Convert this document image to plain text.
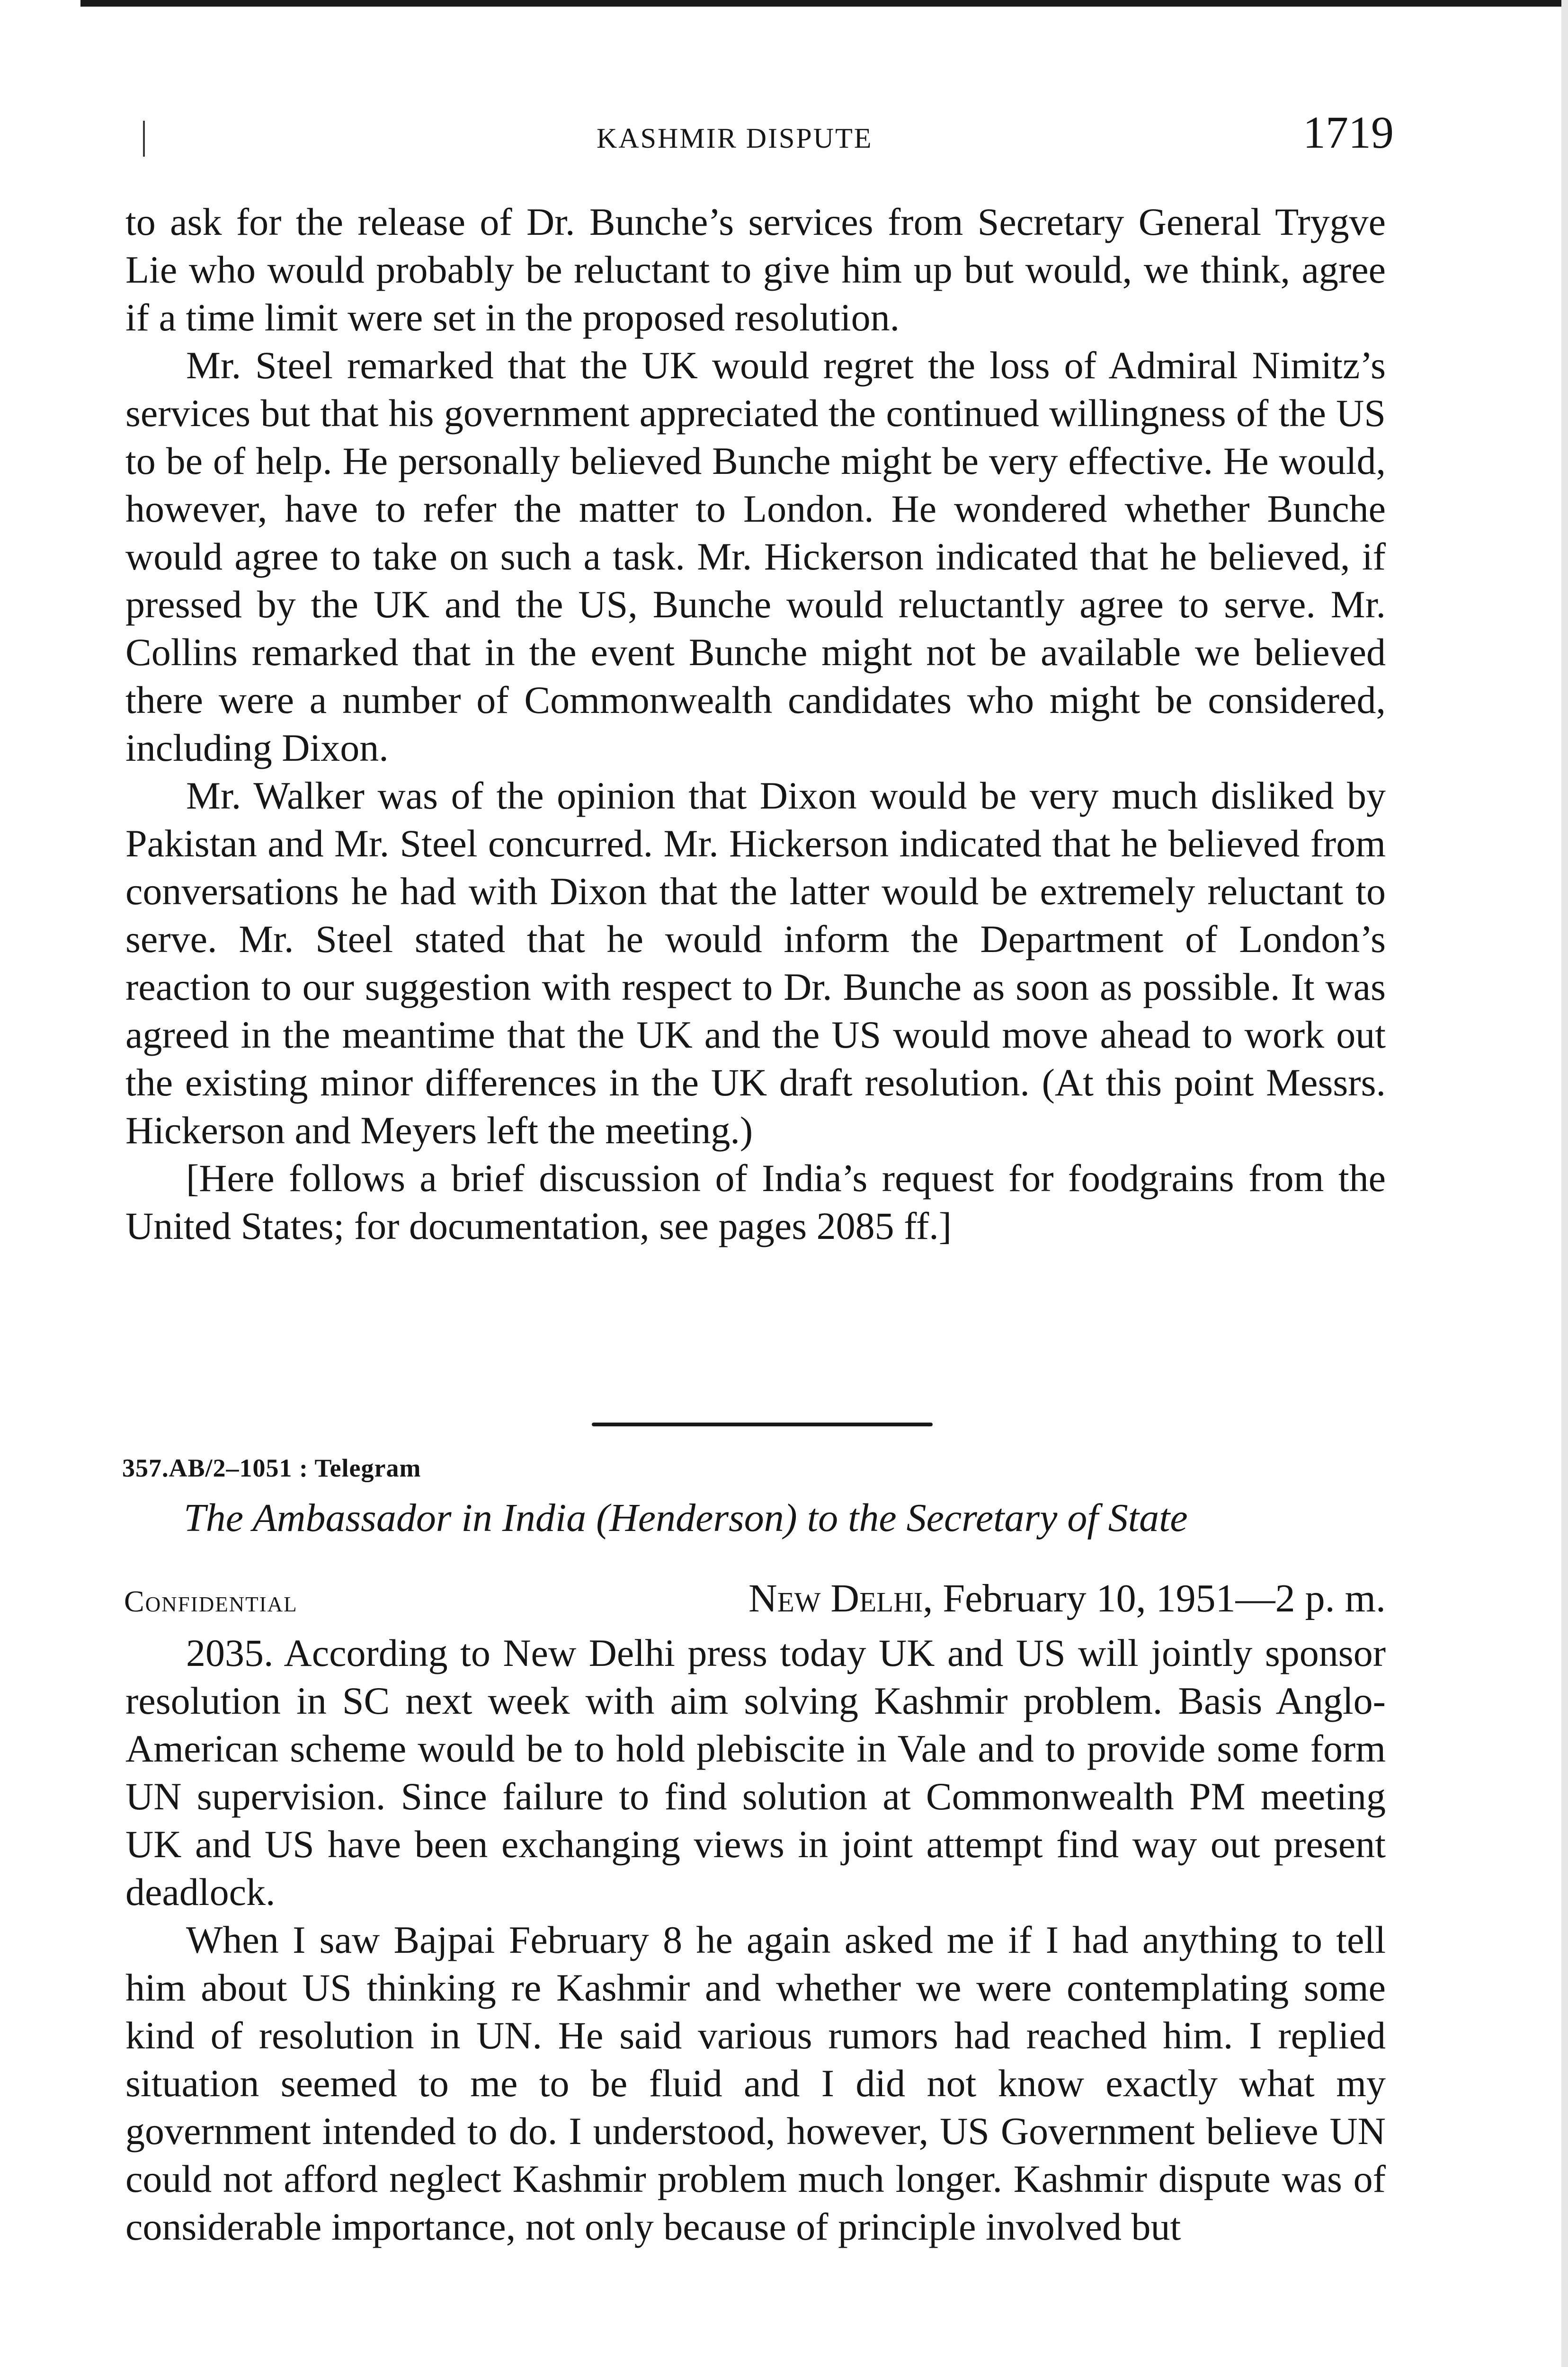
KASHMIR DISPUTE	1719

to ask for the release of Dr. Bunche’s services from Secretary General Trygve Lie who would probably be reluctant to give him up but would, we think, agree if a time limit were set in the proposed resolution.

Mr. Steel remarked that the UK would regret the loss of Admiral Nimitz’s services but that his government appreciated the continued willingness of the US to be of help. He personally believed Bunche might be very effective. He would, however, have to refer the matter to London. He wondered whether Bunche would agree to take on such a task. Mr. Hickerson indicated that he believed, if pressed by the UK and the US, Bunche would reluctantly agree to serve. Mr. Collins remarked that in the event Bunche might not be available we believed there were a number of Commonwealth candidates who might be considered, including Dixon.

Mr. Walker was of the opinion that Dixon would be very much disliked by Pakistan and Mr. Steel concurred. Mr. Hickerson indicated that he believed from conversations he had with Dixon that the latter would be extremely reluctant to serve. Mr. Steel stated that he would inform the Department of London’s reaction to our suggestion with respect to Dr. Bunche as soon as possible. It was agreed in the meantime that the UK and the US would move ahead to work out the existing minor differences in the UK draft resolution. (At this point Messrs. Hickerson and Meyers left the meeting.)

[Here follows a brief discussion of India’s request for foodgrains from the United States; for documentation, see pages 2085 ff.]

357.AB/2–1051 : Telegram
The Ambassador in India (Henderson) to the Secretary of State
Confidential	New Delhi, February 10, 1951—2 p. m.

2035. According to New Delhi press today UK and US will jointly sponsor resolution in SC next week with aim solving Kashmir problem. Basis Anglo-American scheme would be to hold plebiscite in Vale and to provide some form UN supervision. Since failure to find solution at Commonwealth PM meeting UK and US have been exchanging views in joint attempt find way out present deadlock.

When I saw Bajpai February 8 he again asked me if I had anything to tell him about US thinking re Kashmir and whether we were contemplating some kind of resolution in UN. He said various rumors had reached him. I replied situation seemed to me to be fluid and I did not know exactly what my government intended to do. I understood, however, US Government believe UN could not afford neglect Kashmir problem much longer. Kashmir dispute was of considerable importance, not only because of principle involved but
